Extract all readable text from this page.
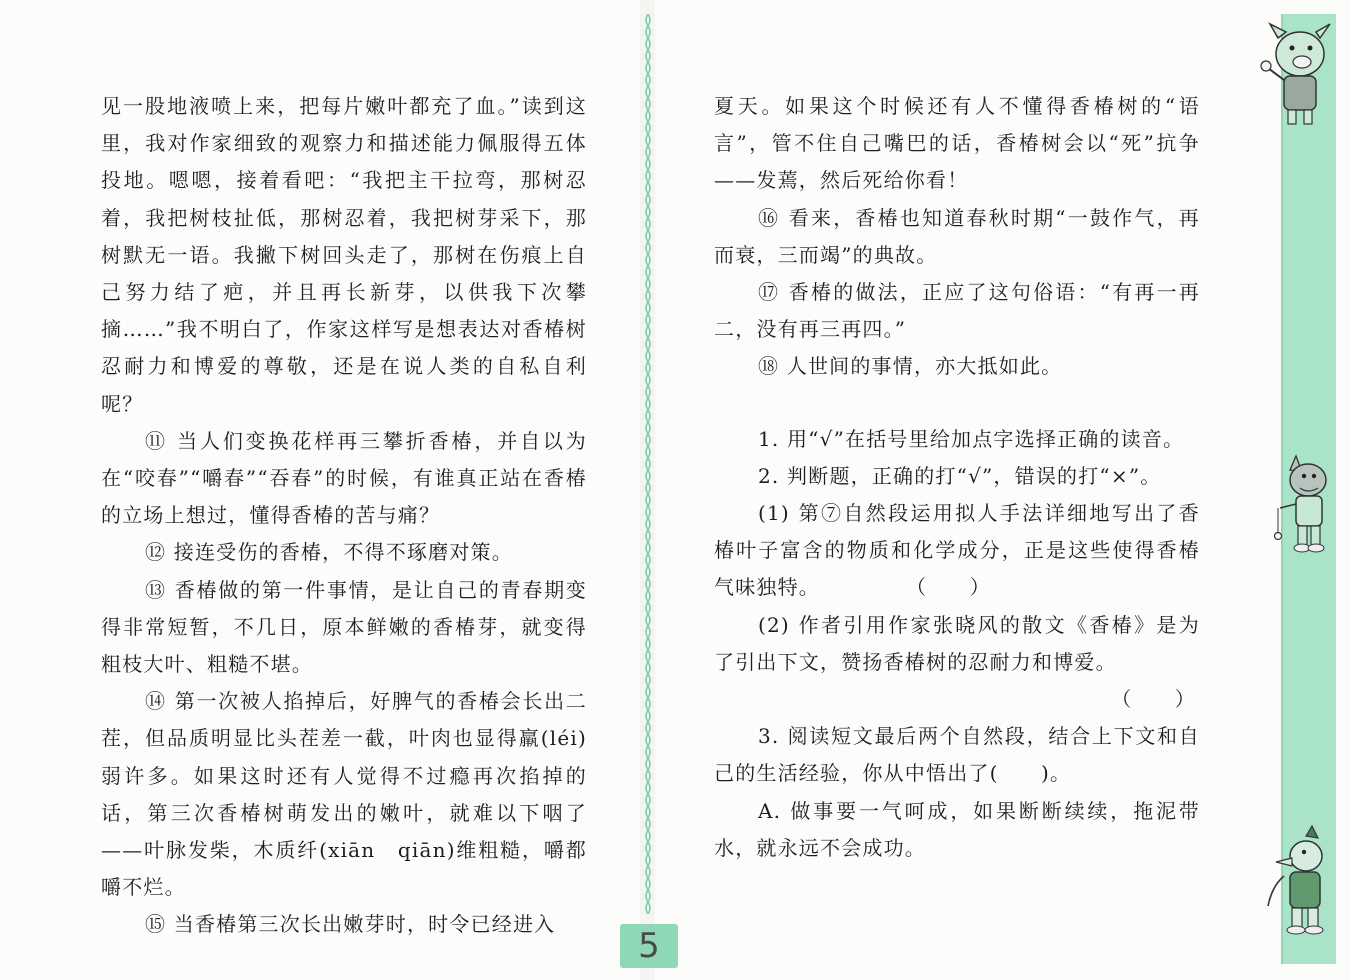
见一股地液喷上来，把每片嫩叶都充了血。”读到这里，我对作家细致的观察力和描述能力佩服得五体投地。嗯嗯，接着看吧：“我把主干拉弯，那树忍着，我把树枝扯低，那树忍着，我把树芽采下，那树默无一语。我撇下树回头走了，那树在伤痕上自己努力结了疤，并且再长新芽，以供我下次攀摘……”我不明白了，作家这样写是想表达对香椿树忍耐力和博爱的尊敬，还是在说人类的自私自利呢？

⑪ 当人们变换花样再三攀折香椿，并自以为在“咬春”“嚼春”“吞春”的时候，有谁真正站在香椿的立场上想过，懂得香椿的苦与痛？

⑫ 接连受伤的香椿，不得不琢磨对策。

⑬ 香椿做的第一件事情，是让自己的青春期变得非常短暂，不几日，原本鲜嫩的香椿芽，就变得粗枝大叶、粗糙不堪。

⑭ 第一次被人掐掉后，好脾气的香椿会长出二茬，但品质明显比头茬差一截，叶肉也显得羸(léi)弱许多。如果这时还有人觉得不过瘾再次掐掉的话，第三次香椿树萌发出的嫩叶，就难以下咽了——叶脉发柴，木质纤(xiān　qiān)维粗糙，嚼都嚼不烂。

⑮ 当香椿第三次长出嫩芽时，时令已经进入

夏天。如果这个时候还有人不懂得香椿树的“语言”，管不住自己嘴巴的话，香椿树会以“死”抗争——发蔫，然后死给你看！

⑯ 看来，香椿也知道春秋时期“一鼓作气，再而衰，三而竭”的典故。

⑰ 香椿的做法，正应了这句俗语：“有再一再二，没有再三再四。”

⑱ 人世间的事情，亦大抵如此。

1. 用“√”在括号里给加点字选择正确的读音。

2. 判断题，正确的打“√”，错误的打“×”。

(1) 第⑦自然段运用拟人手法详细地写出了香椿叶子富含的物质和化学成分，正是这些使得香椿气味独特。　　　　　（　　）

(2) 作者引用作家张晓风的散文《香椿》是为了引出下文，赞扬香椿树的忍耐力和博爱。

（　　）

3. 阅读短文最后两个自然段，结合上下文和自己的生活经验，你从中悟出了(　　)。

A. 做事要一气呵成，如果断断续续，拖泥带水，就永远不会成功。

5
